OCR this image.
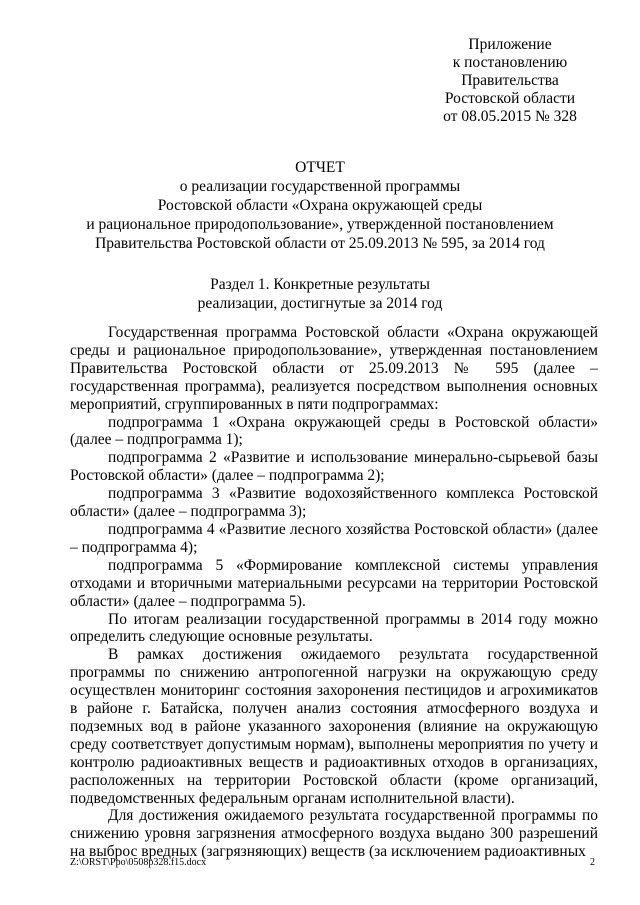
Приложение
к постановлению
Правительства
Ростовской области
от 08.05.2015 № 328
ОТЧЕТ
о реализации государственной программы
Ростовской области «Охрана окружающей среды
и рациональное природопользование», утвержденной постановлением
Правительства Ростовской области от 25.09.2013 № 595, за 2014 год
Раздел 1. Конкретные результаты
реализации, достигнутые за 2014 год

Государственная программа Ростовской области «Охрана окружающей среды и рациональное природопользование», утвержденная постановлением Правительства Ростовской области от 25.09.2013 № 595 (далее – государственная программа), реализуется посредством выполнения основных мероприятий, сгруппированных в пяти подпрограммах:

подпрограмма 1 «Охрана окружающей среды в Ростовской области» (далее – подпрограмма 1);

подпрограмма 2 «Развитие и использование минерально-сырьевой базы Ростовской области» (далее – подпрограмма 2);

подпрограмма 3 «Развитие водохозяйственного комплекса Ростовской области» (далее – подпрограмма 3);

подпрограмма 4 «Развитие лесного хозяйства Ростовской области» (далее – подпрограмма 4);

подпрограмма 5 «Формирование комплексной системы управления отходами и вторичными материальными ресурсами на территории Ростовской области» (далее – подпрограмма 5).

По итогам реализации государственной программы в 2014 году можно определить следующие основные результаты.

В рамках достижения ожидаемого результата государственной программы по снижению антропогенной нагрузки на окружающую среду осуществлен мониторинг состояния захоронения пестицидов и агрохимикатов в районе г. Батайска, получен анализ состояния атмосферного воздуха и подземных вод в районе указанного захоронения (влияние на окружающую среду соответствует допустимым нормам), выполнены мероприятия по учету и контролю радиоактивных веществ и радиоактивных отходов в организациях, расположенных на территории Ростовской области (кроме организаций, подведомственных федеральным органам исполнительной власти).

Для достижения ожидаемого результата государственной программы по снижению уровня загрязнения атмосферного воздуха выдано 300 разрешений на выброс вредных (загрязняющих) веществ (за исключением радиоактивных

Z:\ORST\Ppo\0508p328.f15.docx	2
